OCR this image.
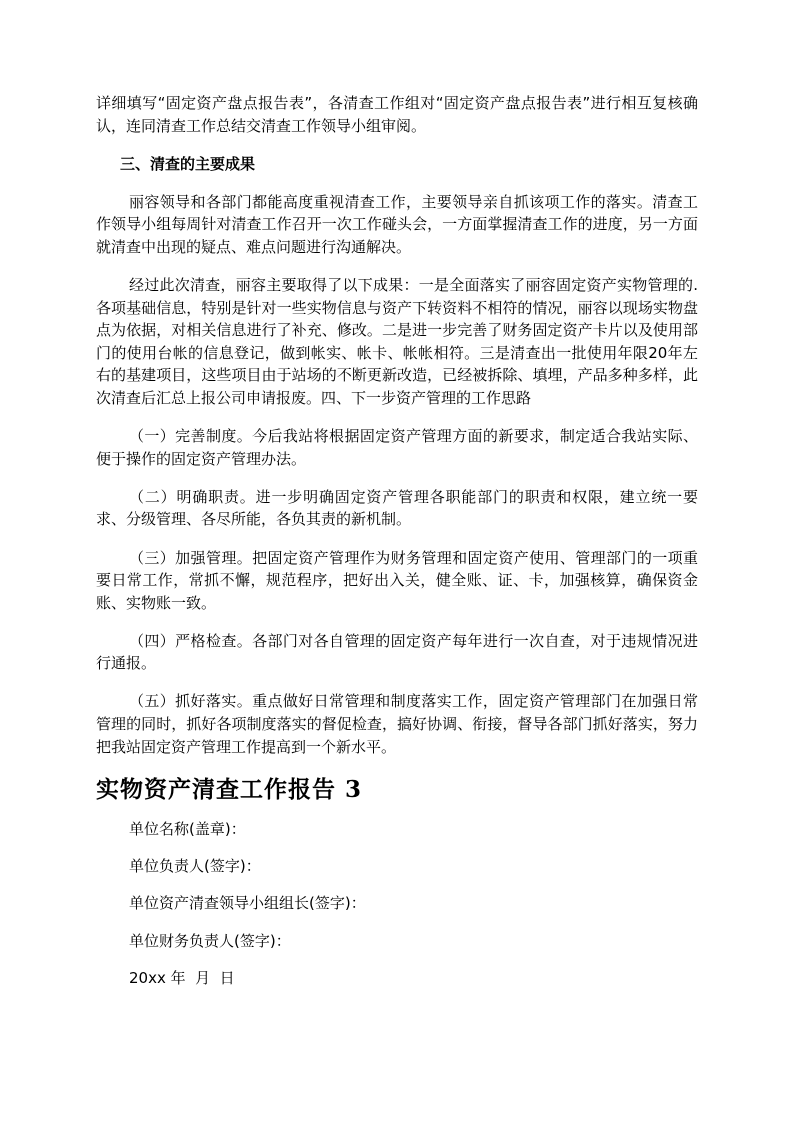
详细填写“固定资产盘点报告表”，各清查工作组对“固定资产盘点报告表”进行相互复核确认，连同清查工作总结交清查工作领导小组审阅。

三、清查的主要成果

丽容领导和各部门都能高度重视清查工作，主要领导亲自抓该项工作的落实。清查工作领导小组每周针对清查工作召开一次工作碰头会，一方面掌握清查工作的进度，另一方面就清查中出现的疑点、难点问题进行沟通解决。

经过此次清查，丽容主要取得了以下成果：一是全面落实了丽容固定资产实物管理的.各项基础信息，特别是针对一些实物信息与资产下转资料不相符的情况，丽容以现场实物盘点为依据，对相关信息进行了补充、修改。二是进一步完善了财务固定资产卡片以及使用部门的使用台帐的信息登记，做到帐实、帐卡、帐帐相符。三是清查出一批使用年限20年左右的基建项目，这些项目由于站场的不断更新改造，已经被拆除、填埋，产品多种多样，此次清查后汇总上报公司申请报废。四、下一步资产管理的工作思路

（一）完善制度。今后我站将根据固定资产管理方面的新要求，制定适合我站实际、便于操作的固定资产管理办法。

（二）明确职责。进一步明确固定资产管理各职能部门的职责和权限，建立统一要求、分级管理、各尽所能，各负其责的新机制。

（三）加强管理。把固定资产管理作为财务管理和固定资产使用、管理部门的一项重要日常工作，常抓不懈，规范程序，把好出入关，健全账、证、卡，加强核算，确保资金账、实物账一致。

（四）严格检查。各部门对各自管理的固定资产每年进行一次自查，对于违规情况进行通报。

（五）抓好落实。重点做好日常管理和制度落实工作，固定资产管理部门在加强日常管理的同时，抓好各项制度落实的督促检查，搞好协调、衔接，督导各部门抓好落实，努力把我站固定资产管理工作提高到一个新水平。

实物资产清查工作报告 3

单位名称(盖章)：

单位负责人(签字)：

单位资产清查领导小组组长(签字)：

单位财务负责人(签字)：

20xx 年  月  日
